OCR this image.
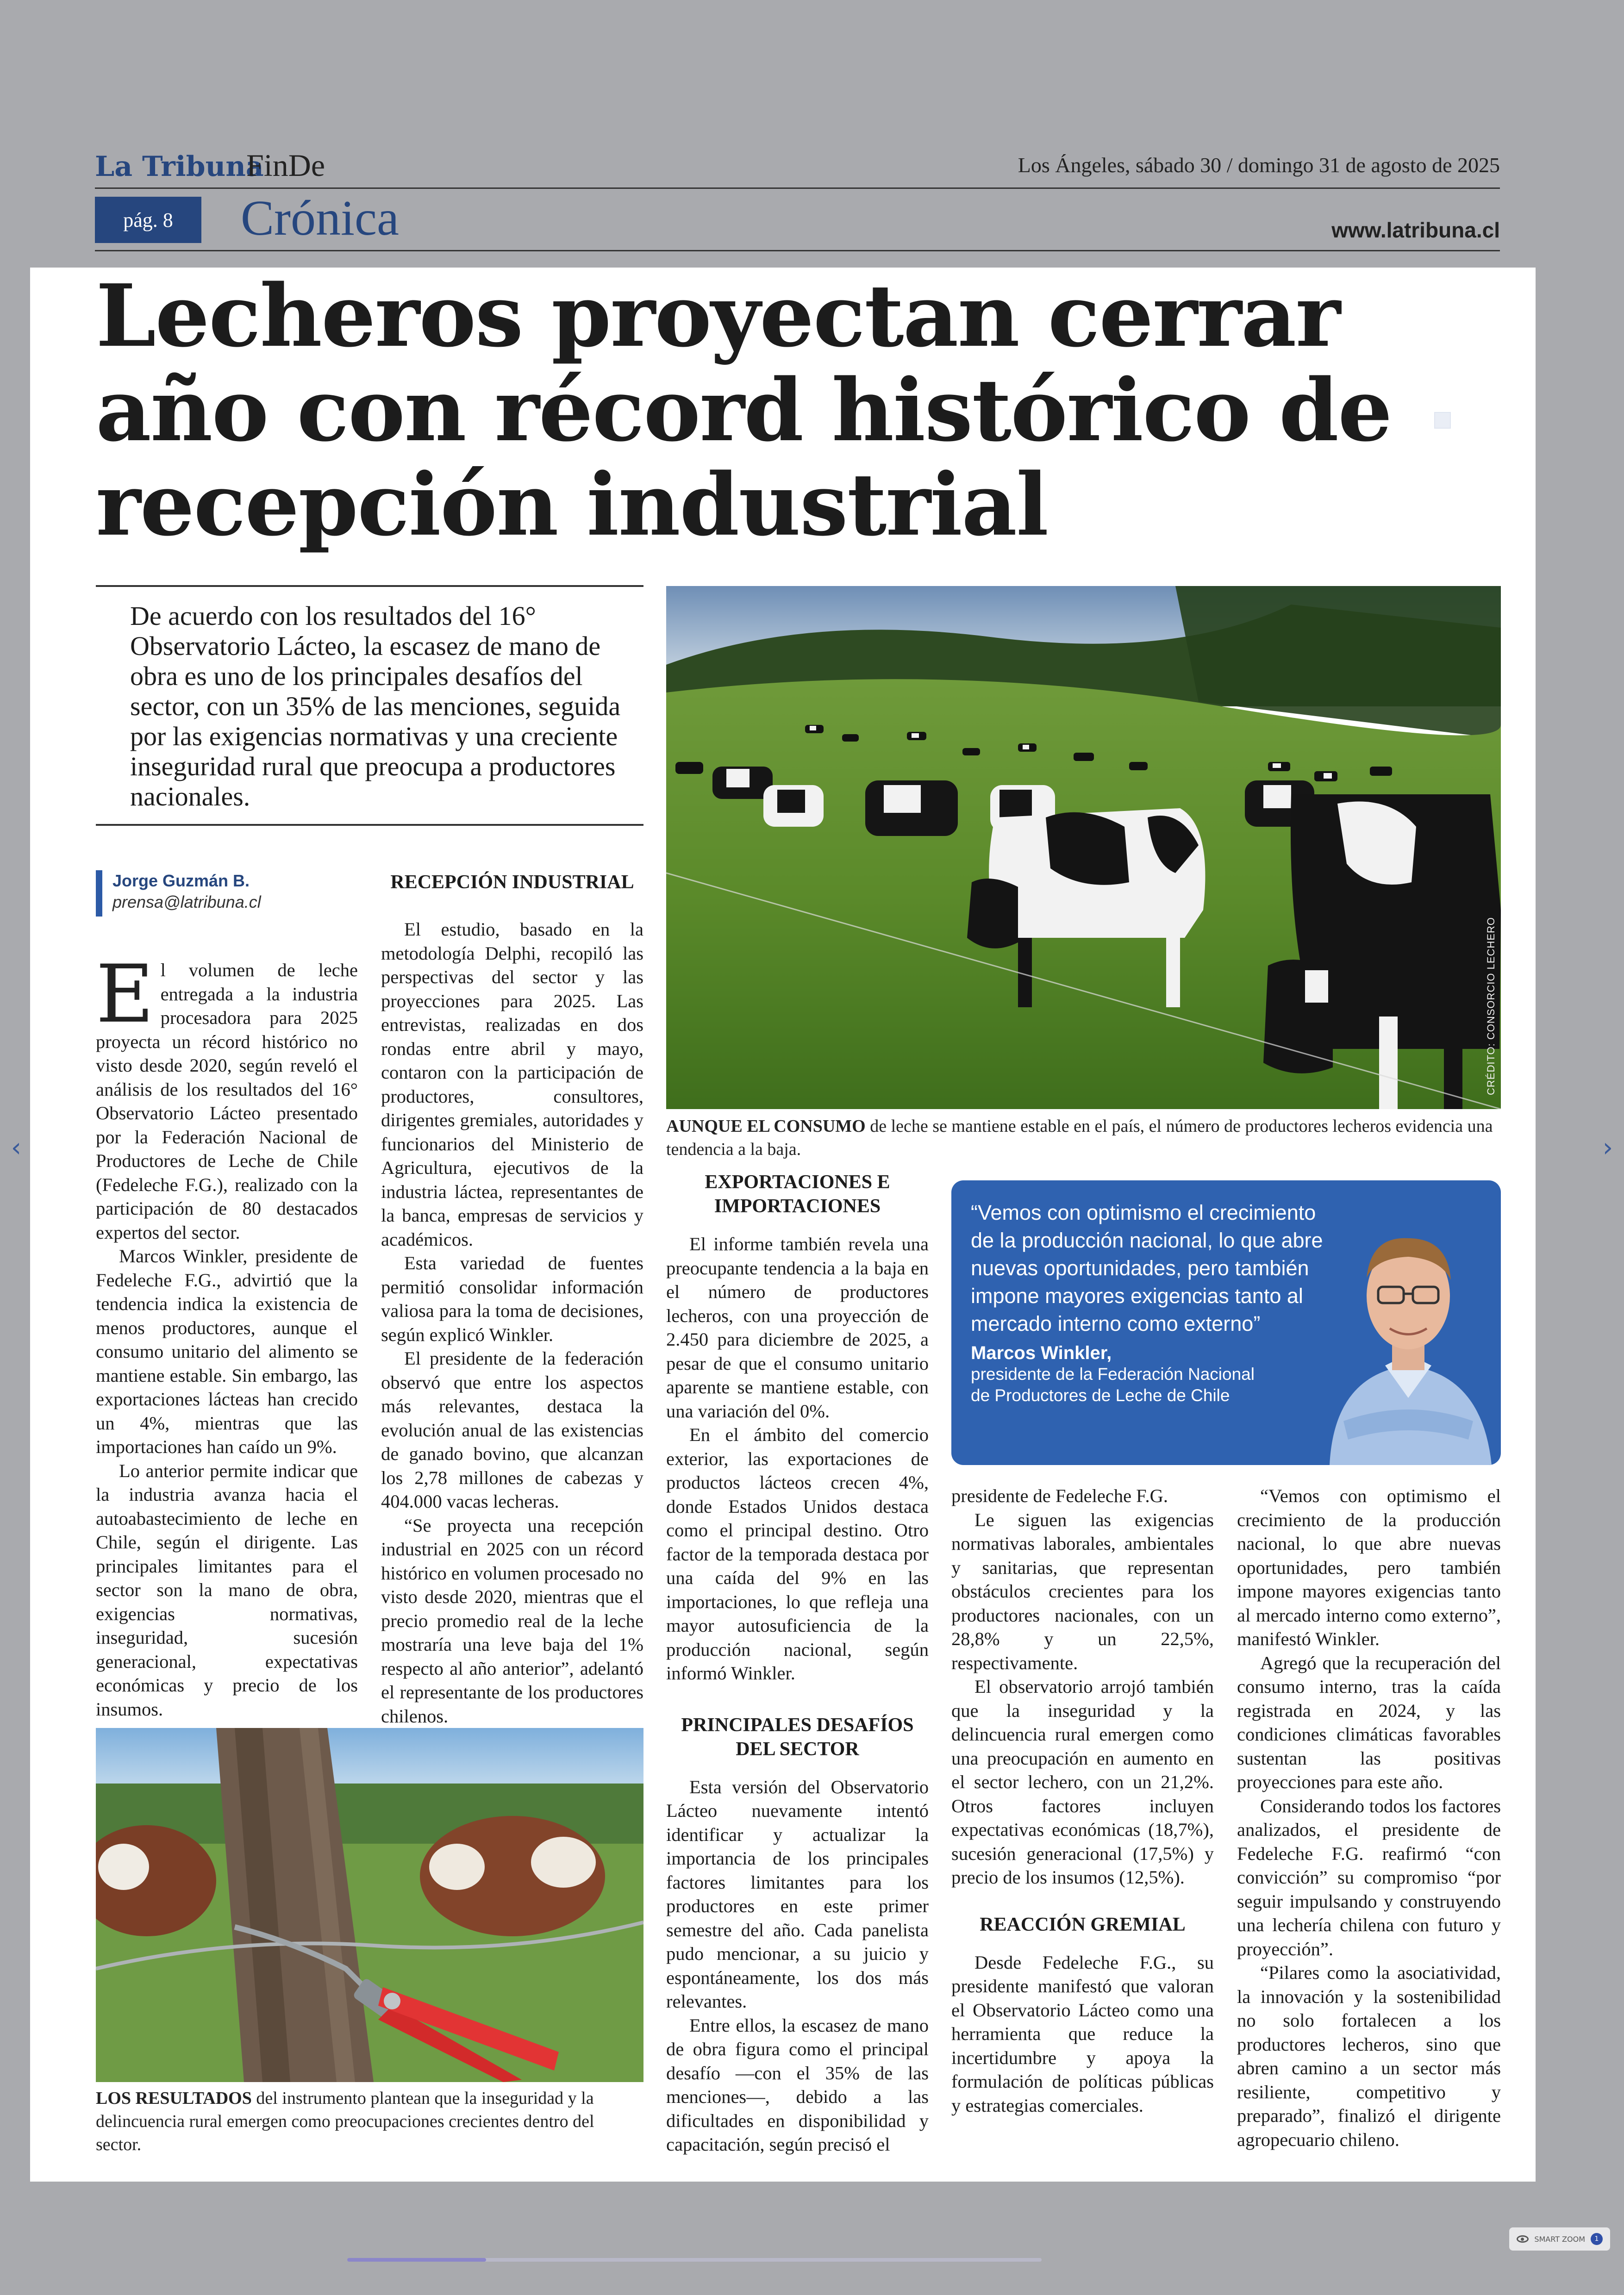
‹	›
La Tribuna
FinDe	Los Ángeles, sábado 30 / domingo 31 de agosto de 2025
pág. 8	Crónica	www.latribuna.cl
Lecheros proyectan cerrar año con récord histórico de recepción industrial
De acuerdo con los resultados del 16° Observatorio Lácteo, la escasez de mano de obra es uno de los principales desafíos del sector, con un 35% de las menciones, seguida por las exigencias normativas y una creciente inseguridad rural que preocupa a productores nacionales.
CRÉDITO: CONSORCIO LECHERO
AUNQUE EL CONSUMO de leche se mantiene estable en el país, el número de productores lecheros evidencia una tendencia a la baja.
Jorge Guzmán B.
prensa@latribuna.cl
E l volumen de leche entregada a la industria procesadora para 2025 proyecta un récord histórico no visto desde 2020, según reveló el análisis de los resultados del 16° Observatorio Lácteo presentado por la Federación Nacional de Productores de Leche de Chile (Fedeleche F.G.), realizado con la participación de 80 destacados expertos del sector.

Marcos Winkler, presidente de Fedeleche F.G., advirtió que la tendencia indica la existencia de menos productores, aunque el consumo unitario del alimento se mantiene estable. Sin embargo, las exportaciones lácteas han crecido un 4%, mientras que las importaciones han caído un 9%.

Lo anterior permite indicar que la industria avanza hacia el autoabastecimiento de leche en Chile, según el dirigente. Las principales limitantes para el sector son la mano de obra, exigencias normativas, inseguridad, sucesión generacional, expectativas económicas y precio de los insumos.

RECEPCIÓN INDUSTRIAL

El estudio, basado en la metodología Delphi, recopiló las perspectivas del sector y las proyecciones para 2025. Las entrevistas, realizadas en dos rondas entre abril y mayo, contaron con la participación de productores, consultores, dirigentes gremiales, autoridades y funcionarios del Ministerio de Agricultura, ejecutivos de la industria láctea, representantes de la banca, empresas de servicios y académicos.

Esta variedad de fuentes permitió consolidar información valiosa para la toma de decisiones, según explicó Winkler.

El presidente de la federación observó que entre los aspectos más relevantes, destaca la evolución anual de las existencias de ganado bovino, que alcanzan los 2,78 millones de cabezas y 404.000 vacas lecheras.

“Se proyecta una recepción industrial en 2025 con un récord histórico en volumen procesado no visto desde 2020, mientras que el precio promedio real de la leche mostraría una leve baja del 1% respecto al año anterior”, adelantó el representante de los productores chilenos.

EXPORTACIONES E IMPORTACIONES

El informe también revela una preocupante tendencia a la baja en el número de productores lecheros, con una proyección de 2.450 para diciembre de 2025, a pesar de que el consumo unitario aparente se mantiene estable, con una variación del 0%.

En el ámbito del comercio exterior, las exportaciones de productos lácteos crecen 4%, donde Estados Unidos destaca como el principal destino. Otro factor de la temporada destaca por una caída del 9% en las importaciones, lo que refleja una mayor autosuficiencia de la producción nacional, según informó Winkler.

PRINCIPALES DESAFÍOS DEL SECTOR

Esta versión del Observatorio Lácteo nuevamente intentó identificar y actualizar la importancia de los principales factores limitantes para los productores en este primer semestre del año. Cada panelista pudo mencionar, a su juicio y espontáneamente, los dos más relevantes.

Entre ellos, la escasez de mano de obra figura como el principal desafío —con el 35% de las menciones—, debido a las dificultades en disponibilidad y capacitación, según precisó el

“Vemos con optimismo el crecimiento de la producción nacional, lo que abre nuevas oportunidades, pero también impone mayores exigencias tanto al mercado interno como externo”
Marcos Winkler,
presidente de la Federación Nacional de Productores de Leche de Chile

presidente de Fedeleche F.G.

Le siguen las exigencias normativas laborales, ambientales y sanitarias, que representan obstáculos crecientes para los productores nacionales, con un 28,8% y un 22,5%, respectivamente.

El observatorio arrojó también que la inseguridad y la delincuencia rural emergen como una preocupación en aumento en el sector lechero, con un 21,2%. Otros factores incluyen expectativas económicas (18,7%), sucesión generacional (17,5%) y precio de los insumos (12,5%).

REACCIÓN GREMIAL

Desde Fedeleche F.G., su presidente manifestó que valoran el Observatorio Lácteo como una herramienta que reduce la incertidumbre y apoya la formulación de políticas públicas y estrategias comerciales.

“Vemos con optimismo el crecimiento de la producción nacional, lo que abre nuevas oportunidades, pero también impone mayores exigencias tanto al mercado interno como externo”, manifestó Winkler.

Agregó que la recuperación del consumo interno, tras la caída registrada en 2024, y las condiciones climáticas favorables sustentan las positivas proyecciones para este año.

Considerando todos los factores analizados, el presidente de Fedeleche F.G. reafirmó “con convicción” su compromiso “por seguir impulsando y construyendo una lechería chilena con futuro y proyección”.

“Pilares como la asociatividad, la innovación y la sostenibilidad no solo fortalecen a los productores lecheros, sino que abren camino a un sector más resiliente, competitivo y preparado”, finalizó el dirigente agropecuario chileno.

LOS RESULTADOS del instrumento plantean que la inseguridad y la delincuencia rural emergen como preocupaciones crecientes dentro del sector.
SMART ZOOM	1
